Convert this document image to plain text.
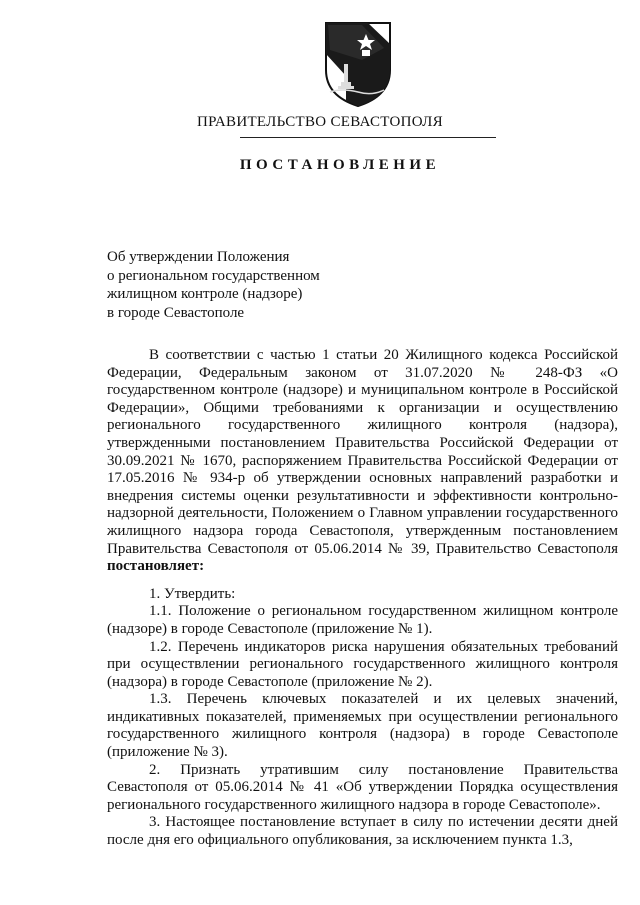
ПРАВИТЕЛЬСТВО СЕВАСТОПОЛЯ
ПОСТАНОВЛЕНИЕ
Об утверждении Положения
о региональном государственном
жилищном контроле (надзоре)
в городе Севастополе

В соответствии с частью 1 статьи 20 Жилищного кодекса Российской Федерации, Федеральным законом от 31.07.2020 № 248-ФЗ «О государственном контроле (надзоре) и муниципальном контроле в Российской Федерации», Общими требованиями к организации и осуществлению регионального государственного жилищного контроля (надзора), утвержденными постановлением Правительства Российской Федерации от 30.09.2021 № 1670, распоряжением Правительства Российской Федерации от 17.05.2016 № 934-р об утверждении основных направлений разработки и внедрения системы оценки результативности и эффективности контрольно-надзорной деятельности, Положением о Главном управлении государственного жилищного надзора города Севастополя, утвержденным постановлением Правительства Севастополя от 05.06.2014 № 39, Правительство Севастополя постановляет:

1. Утвердить:

1.1. Положение о региональном государственном жилищном контроле (надзоре) в городе Севастополе (приложение № 1).

1.2. Перечень индикаторов риска нарушения обязательных требований при осуществлении регионального государственного жилищного контроля (надзора) в городе Севастополе (приложение № 2).

1.3. Перечень ключевых показателей и их целевых значений, индикативных показателей, применяемых при осуществлении регионального государственного жилищного контроля (надзора) в городе Севастополе (приложение № 3).

2. Признать утратившим силу постановление Правительства Севастополя от 05.06.2014 № 41 «Об утверждении Порядка осуществления регионального государственного жилищного надзора в городе Севастополе».

3. Настоящее постановление вступает в силу по истечении десяти дней после дня его официального опубликования, за исключением пункта 1.3,
